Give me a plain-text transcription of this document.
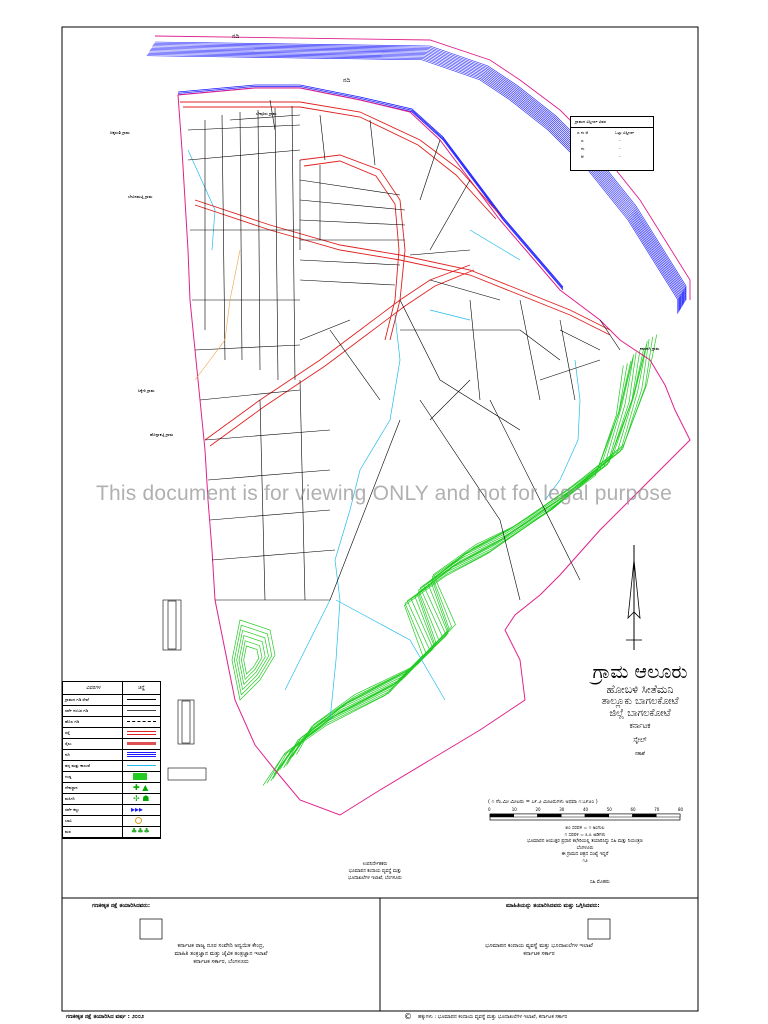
This document is for viewing ONLY and not for legal purpose
ನದಿ
ನದಿ
ಚಿಕ್ಕಸಂಶಿ ಗ್ರಾಮ
ಬೇವಿನಮಟ್ಟಿ ಗ್ರಾಮ
ಸಿಕ್ಕೇರಿ ಗ್ರಾಮ
ಹೊನ್ನಾಕಟ್ಟಿ ಗ್ರಾಮ
ಕಲಾದಗಿ ಗ್ರಾಮ
ಬೇವೂರು ಗ್ರಾಮ
ಗ್ರಾಮದ ವಿಸ್ತೀರ್ಣ ವಿವರ
ಎ ಗು ಆ	ಒಟ್ಟು ವಿಸ್ತೀರ್ಣ
ಎ	-
ಗು	-
ಆ	-
ವಿವರಗಳ	ಚಿನ್ಹೆ
ಗ್ರಾಮದ ಗಡಿ ರೇಖೆ
ಸರ್ವೆ ನಂಬರ ಗಡಿ
ಹೊಲ ಗಡಿ
ರಸ್ತೆ
ರೈಲು
ನದಿ
ಹಳ್ಳ ಮತ್ತು ಕಾಲುವೆ
ಗುಡ್ಡ
ದೇವಸ್ಥಾನ	✚ ▲
ಮಸೀದಿ	✢ ☗
ಸರ್ವೆ ಕಲ್ಲು	▸▸▸
ಬಾವಿ
ಮರ	♣♣♣
ಗ್ರಾಮ ಆಲೂರು
ಹೋಬಳಿ ಸೀತೆಮನಿ
ತಾಲ್ಲೂಕು ಬಾಗಲಕೋಟೆ
ಜಿಲ್ಲೆ ಬಾಗಲಕೋಟೆ
ಕರ್ನಾಟಕ
ಸ್ಕೇಲ್
ನಕಾಶೆ
( ೧ ಸೆಂ.ಮೀ ಮೀಟರು = ೭೯.೨ ಮೀಟರುಗಳು ಅಥವಾ ೧:೭೯೨೦ )
0	10	20	30	40	50	60	70	80
೫೦ ಸರಪಳಿ = ೧ ಅಂಗುಲ
೧ ಸರಪಳಿ = ೩.೩ ಅಡಿಗಳು
ಭೂಮಾಪನ ಆಯುಕ್ತರ ಪ್ರಧಾನ ಕಛೇರಿಯಲ್ಲಿ ತಯಾರಿಸಿದ್ದು ಸಹಿ ಮತ್ತು ನಿಯಂತ್ರಣ
ಬೆಂಗಳೂರು
ಈ ಗ್ರಾಮದ ಚಿತ್ರದ ಸಂಖ್ಯೆ ಇದ್ದರೆ
೧೨
ಉಪನಿರ್ದೇಶಕರು
ಭೂಮಾಪನ ಕಂದಾಯ ವ್ಯವಸ್ಥೆ ಮತ್ತು
ಭೂದಾಖಲೆಗಳ ಇಲಾಖೆ, ಬೆಂಗಳೂರು
ಸಹಿ ಮೊಹರು
ಗಣಕೀಕೃತ ನಕ್ಷೆ ತಯಾರಿಸಿದವರು:
ಕರ್ನಾಟಕ ರಾಜ್ಯ ದೂರ ಸಂವೇದಿ ಅನ್ವಯಿಕ ಕೇಂದ್ರ,
ಮಾಹಿತಿ ತಂತ್ರಜ್ಞಾನ ಮತ್ತು ಜೈವಿಕ ತಂತ್ರಜ್ಞಾನ ಇಲಾಖೆ
ಕರ್ನಾಟಕ ಸರ್ಕಾರ, ಬೆಂಗಳೂರು
ಮಾಹಿತಿಯನ್ನು ತಯಾರಿಸಿದವರು ಮತ್ತು ಒಗ್ಗಿಸಿದವರು:
ಭೂಮಾಪನ ಕಂದಾಯ ವ್ಯವಸ್ಥೆ ಮತ್ತು ಭೂದಾಖಲೆಗಳ ಇಲಾಖೆ
ಕರ್ನಾಟಕ ಸರ್ಕಾರ
ಗಣಕೀಕೃತ ನಕ್ಷೆ ತಯಾರಿಸಿದ ವರ್ಷ : ೨೦೦೨	© ಹಕ್ಕುಗಳು : ಭೂಮಾಪನ ಕಂದಾಯ ವ್ಯವಸ್ಥೆ ಮತ್ತು ಭೂದಾಖಲೆಗಳ ಇಲಾಖೆ, ಕರ್ನಾಟಕ ಸರ್ಕಾರ
